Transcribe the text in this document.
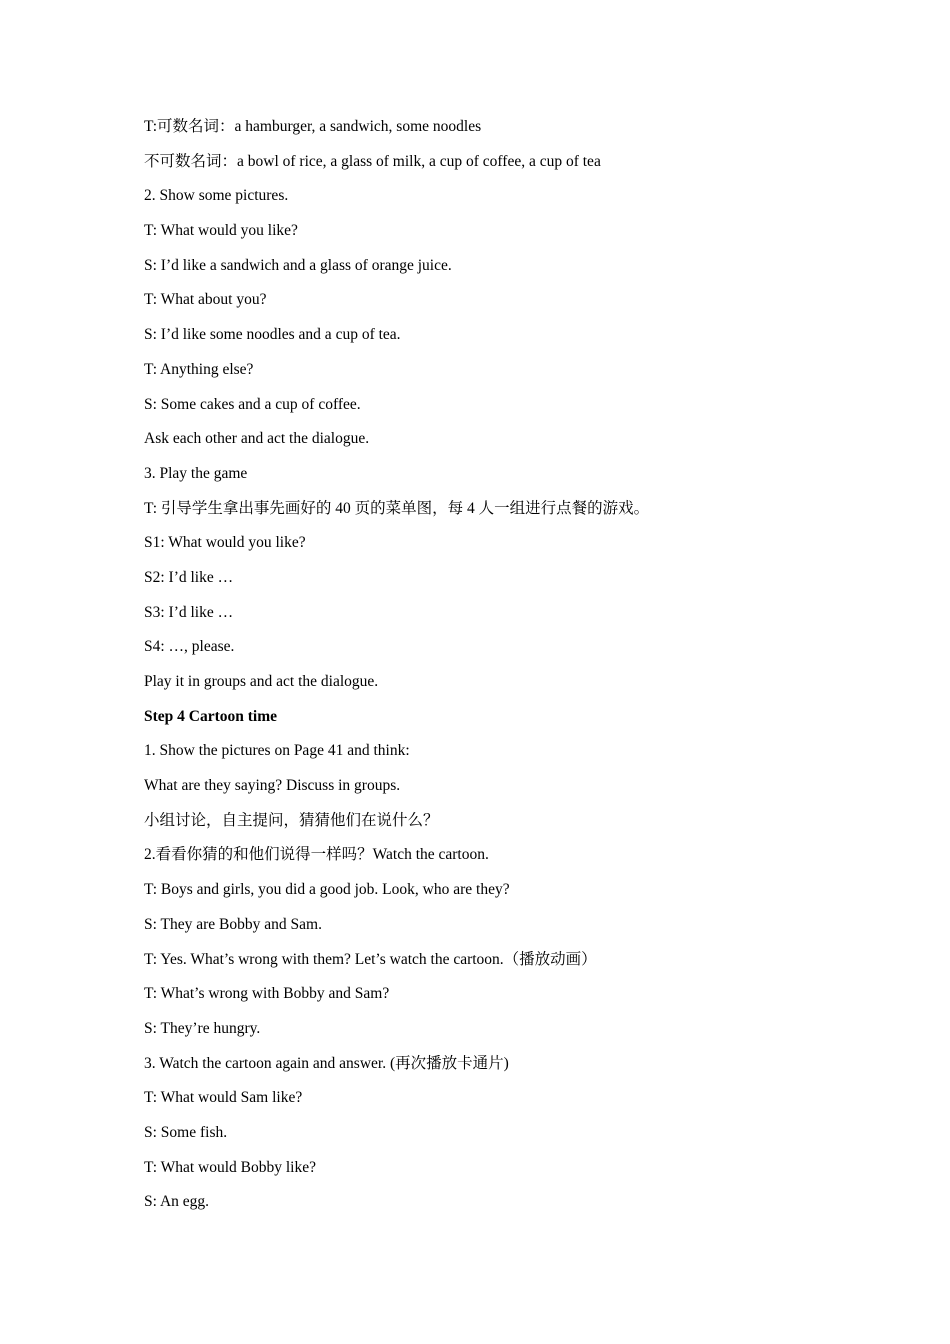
T:可数名词：a hamburger, a sandwich, some noodles
不可数名词：a bowl of rice, a glass of milk, a cup of coffee, a cup of tea
2. Show some pictures.
T: What would you like?
S: I’d like a sandwich and a glass of orange juice.
T: What about you?
S: I’d like some noodles and a cup of tea.
T: Anything else?
S: Some cakes and a cup of coffee.
Ask each other and act the dialogue.
3. Play the game
T: 引导学生拿出事先画好的 40 页的菜单图，每 4 人一组进行点餐的游戏。
S1: What would you like?
S2: I’d like …
S3: I’d like …
S4: …, please.
Play it in groups and act the dialogue.
Step 4 Cartoon time
1. Show the pictures on Page 41 and think:
What are they saying? Discuss in groups.
小组讨论，自主提问，猜猜他们在说什么？
2.看看你猜的和他们说得一样吗？Watch the cartoon.
T: Boys and girls, you did a good job. Look, who are they?
S: They are Bobby and Sam.
T: Yes. What’s wrong with them? Let’s watch the cartoon.（播放动画）
T: What’s wrong with Bobby and Sam?
S: They’re hungry.
3. Watch the cartoon again and answer. (再次播放卡通片)
T: What would Sam like?
S: Some fish.
T: What would Bobby like?
S: An egg.
